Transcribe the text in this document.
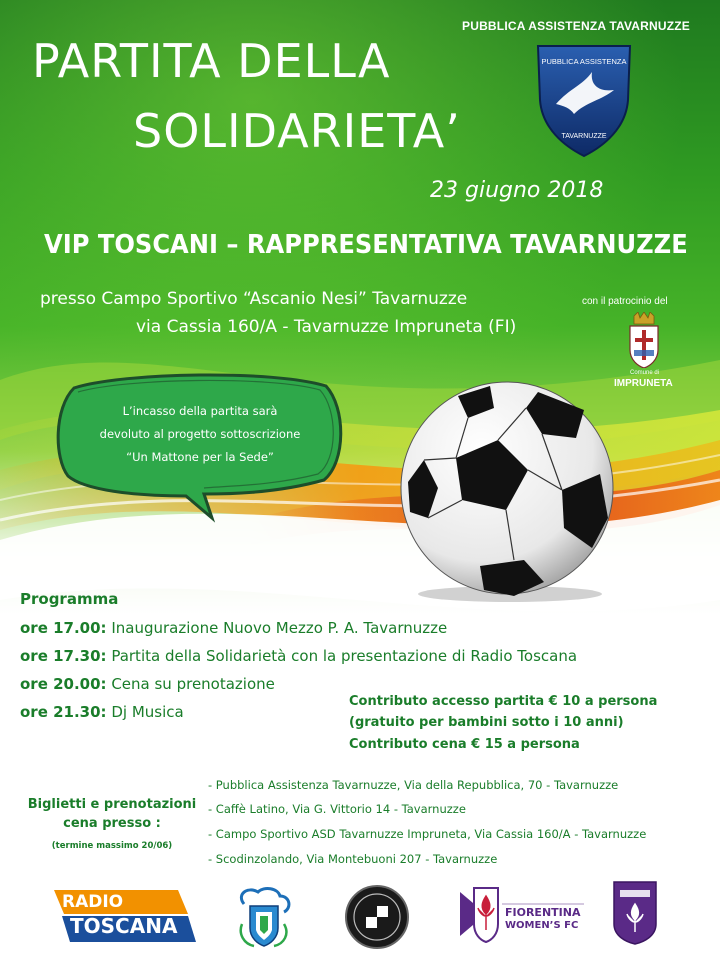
PUBBLICA ASSISTENZA TAVARNUZZE
PUBBLICA ASSISTENZA
TAVARNUZZE
PARTITA DELLA
SOLIDARIETA’
23 giugno 2018
VIP TOSCANI – RAPPRESENTATIVA TAVARNUZZE
presso Campo Sportivo “Ascanio Nesi” Tavarnuzze
via Cassia 160/A - Tavarnuzze Impruneta (FI)
con il patrocinio del
Comune di
IMPRUNETA
L’incasso della partita sarà
devoluto al progetto sottoscrizione
“Un Mattone per la Sede”
Programma
ore 17.00: Inaugurazione Nuovo Mezzo P. A. Tavarnuzze
ore 17.30: Partita della Solidarietà con la presentazione di Radio Toscana
ore 20.00: Cena su prenotazione
ore 21.30: Dj Musica
Contributo accesso partita € 10 a persona
(gratuito per bambini sotto i 10 anni)
Contributo cena € 15 a persona
Biglietti e prenotazioni
cena presso :
(termine massimo 20/06)
- Pubblica Assistenza Tavarnuzze, Via della Repubblica, 70 - Tavarnuzze
- Caffè Latino, Via G. Vittorio 14 - Tavarnuzze
- Campo Sportivo ASD Tavarnuzze Impruneta, Via Cassia 160/A - Tavarnuzze
- Scodinzolando, Via Montebuoni 207 - Tavarnuzze
RADIO
TOSCANA
FIORENTINA
WOMEN’S FC
